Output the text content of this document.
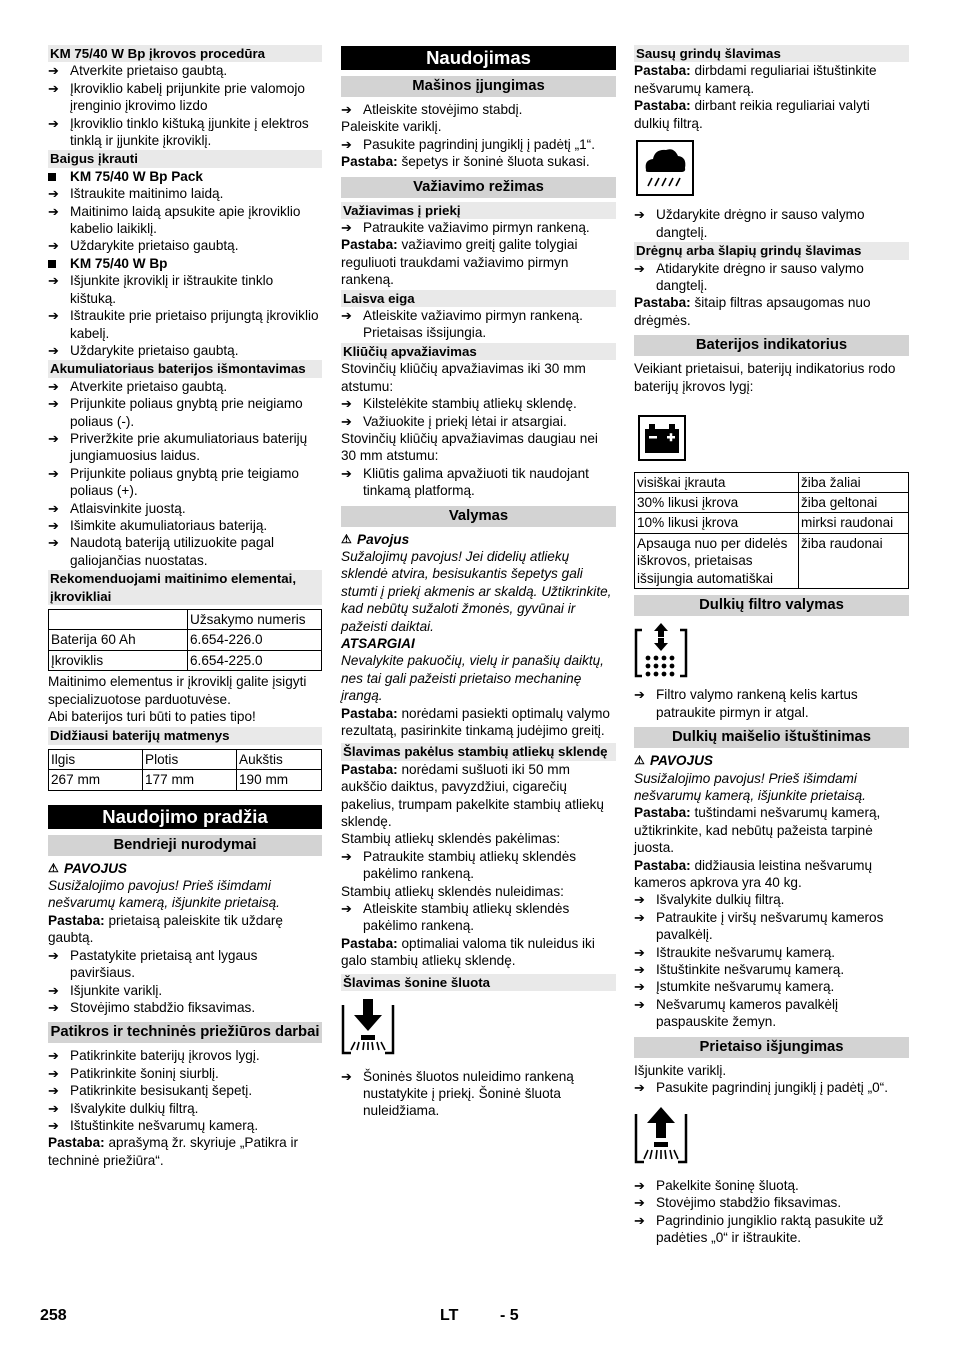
KM 75/40 W Bp įkrovos procedūra
➔ Atverkite prietaiso gaubtą.
➔ Įkroviklio kabelį prijunkite prie valomojo įrenginio įkrovimo lizdo
➔ Įkroviklio tinklo kištuką įjunkite į elektros tinklą ir įjunkite įkroviklį.
Baigus įkrauti
KM 75/40 W Bp Pack
➔ Ištraukite maitinimo laidą.
➔ Maitinimo laidą apsukite apie įkroviklio kabelio laikiklį.
➔ Uždarykite prietaiso gaubtą.
KM 75/40 W Bp
➔ Išjunkite įkroviklį ir ištraukite tinklo kištuką.
➔ Ištraukite prie prietaiso prijungtą įkroviklio kabelį.
➔ Uždarykite prietaiso gaubtą.
Akumuliatoriaus baterijos išmontavimas
➔ Atverkite prietaiso gaubtą.
➔ Prijunkite poliaus gnybtą prie neigiamo poliaus (-).
➔ Priveržkite prie akumuliatoriaus baterijų jungiamuosius laidus.
➔ Prijunkite poliaus gnybtą prie teigiamo poliaus (+).
➔ Atlaisvinkite juostą.
➔ Išimkite akumuliatoriaus bateriją.
➔ Naudotą bateriją utilizuokite pagal galiojančias nuostatas.
Rekomenduojami maitinimo elementai, įkrovikliai
	Užsakymo numeris
Baterija 60 Ah	6.654-226.0
Įkroviklis	6.654-225.0

Maitinimo elementus ir įkroviklį galite įsigyti specializuotose parduotuvėse.

Abi baterijos turi būti to paties tipo!

Didžiausi baterijų matmenys
Ilgis	Plotis	Aukštis
267 mm	177 mm	190 mm
Naudojimo pradžia
Bendrieji nurodymai
⚠ PAVOJUS

Susižalojimo pavojus! Prieš išimdami nešvarumų kamerą, išjunkite prietaisą.

Pastaba: prietaisą paleiskite tik uždarę gaubtą.

➔ Pastatykite prietaisą ant lygaus paviršiaus.
➔ Išjunkite variklį.
➔ Stovėjimo stabdžio fiksavimas.
Patikros ir techninės priežiūros darbai
➔ Patikrinkite baterijų įkrovos lygį.
➔ Patikrinkite šoninį siurblį.
➔ Patikrinkite besisukantį šepetį.
➔ Išvalykite dulkių filtrą.
➔ Ištuštinkite nešvarumų kamerą.

Pastaba: aprašymą žr. skyriuje „Patikra ir techninė priežiūra“.

Naudojimas
Mašinos įjungimas
➔ Atleiskite stovėjimo stabdį.

Paleiskite variklį.

➔ Pasukite pagrindinį jungiklį į padėtį „1“.

Pastaba: šepetys ir šoninė šluota sukasi.

Važiavimo režimas
Važiavimas į priekį
➔ Patraukite važiavimo pirmyn rankeną.

Pastaba: važiavimo greitį galite tolygiai reguliuoti traukdami važiavimo pirmyn rankeną.

Laisva eiga
➔ Atleiskite važiavimo pirmyn rankeną. Prietaisas išsijungia.
Kliūčių apvažiavimas

Stovinčių kliūčių apvažiavimas iki 30 mm atstumu:

➔ Kilstelėkite stambių atliekų sklendę.
➔ Važiuokite į priekį lėtai ir atsargiai.

Stovinčių kliūčių apvažiavimas daugiau nei 30 mm atstumu:

➔ Kliūtis galima apvažiuoti tik naudojant tinkamą platformą.
Valymas
⚠ Pavojus

Sužalojimų pavojus! Jei didelių atliekų sklendė atvira, besisukantis šepetys gali stumti į priekį akmenis ar skaldą. Užtikrinkite, kad nebūtų sužaloti žmonės, gyvūnai ir pažeisti daiktai.

ATSARGIAI

Nevalykite pakuočių, vielų ir panašių daiktų, nes tai gali pažeisti prietaiso mechaninę įrangą.

Pastaba: norėdami pasiekti optimalų valymo rezultatą, pasirinkite tinkamą judėjimo greitį.

Šlavimas pakėlus stambių atliekų sklendę

Pastaba: norėdami sušluoti iki 50 mm aukščio daiktus, pavyzdžiui, cigarečių pakelius, trumpam pakelkite stambių atliekų sklendę.

Stambių atliekų sklendės pakėlimas:

➔ Patraukite stambių atliekų sklendės pakėlimo rankeną.

Stambių atliekų sklendės nuleidimas:

➔ Atleiskite stambių atliekų sklendės pakėlimo rankeną.

Pastaba: optimaliai valoma tik nuleidus iki galo stambių atliekų sklendę.

Šlavimas šonine šluota
➔ Šoninės šluotos nuleidimo rankeną nustatykite į priekį. Šoninė šluota nuleidžiama.
Sausų grindų šlavimas

Pastaba: dirbdami reguliariai ištuštinkite nešvarumų kamerą.

Pastaba: dirbant reikia reguliariai valyti dulkių filtrą.

➔ Uždarykite drėgno ir sauso valymo dangtelį.
Drėgnų arba šlapių grindų šlavimas
➔ Atidarykite drėgno ir sauso valymo dangtelį.

Pastaba: šitaip filtras apsaugomas nuo drėgmės.

Baterijos indikatorius

Veikiant prietaisui, baterijų indikatorius rodo baterijų įkrovos lygį:

visiškai įkrauta	žiba žaliai
30% likusi įkrova	žiba geltonai
10% likusi įkrova	mirksi raudonai
Apsauga nuo per didelės iškrovos, prietaisas išsijungia automatiškai	žiba raudonai
Dulkių filtro valymas
➔ Filtro valymo rankeną kelis kartus patraukite pirmyn ir atgal.
Dulkių maišelio ištuštinimas
⚠ PAVOJUS

Susižalojimo pavojus! Prieš išimdami nešvarumų kamerą, išjunkite prietaisą.

Pastaba: tuštindami nešvarumų kamerą, užtikrinkite, kad nebūtų pažeista tarpinė juosta.

Pastaba: didžiausia leistina nešvarumų kameros apkrova yra 40 kg.

➔ Išvalykite dulkių filtrą.
➔ Patraukite į viršų nešvarumų kameros pavalkėlį.
➔ Ištraukite nešvarumų kamerą.
➔ Ištuštinkite nešvarumų kamerą.
➔ Įstumkite nešvarumų kamerą.
➔ Nešvarumų kameros pavalkėlį paspauskite žemyn.
Prietaiso išjungimas

Išjunkite variklį.

➔ Pasukite pagrindinį jungiklį į padėtį „0“.
➔ Pakelkite šoninę šluotą.
➔ Stovėjimo stabdžio fiksavimas.
➔ Pagrindinio jungiklio raktą pasukite už padėties „0“ ir ištraukite.
258	LT	- 5
